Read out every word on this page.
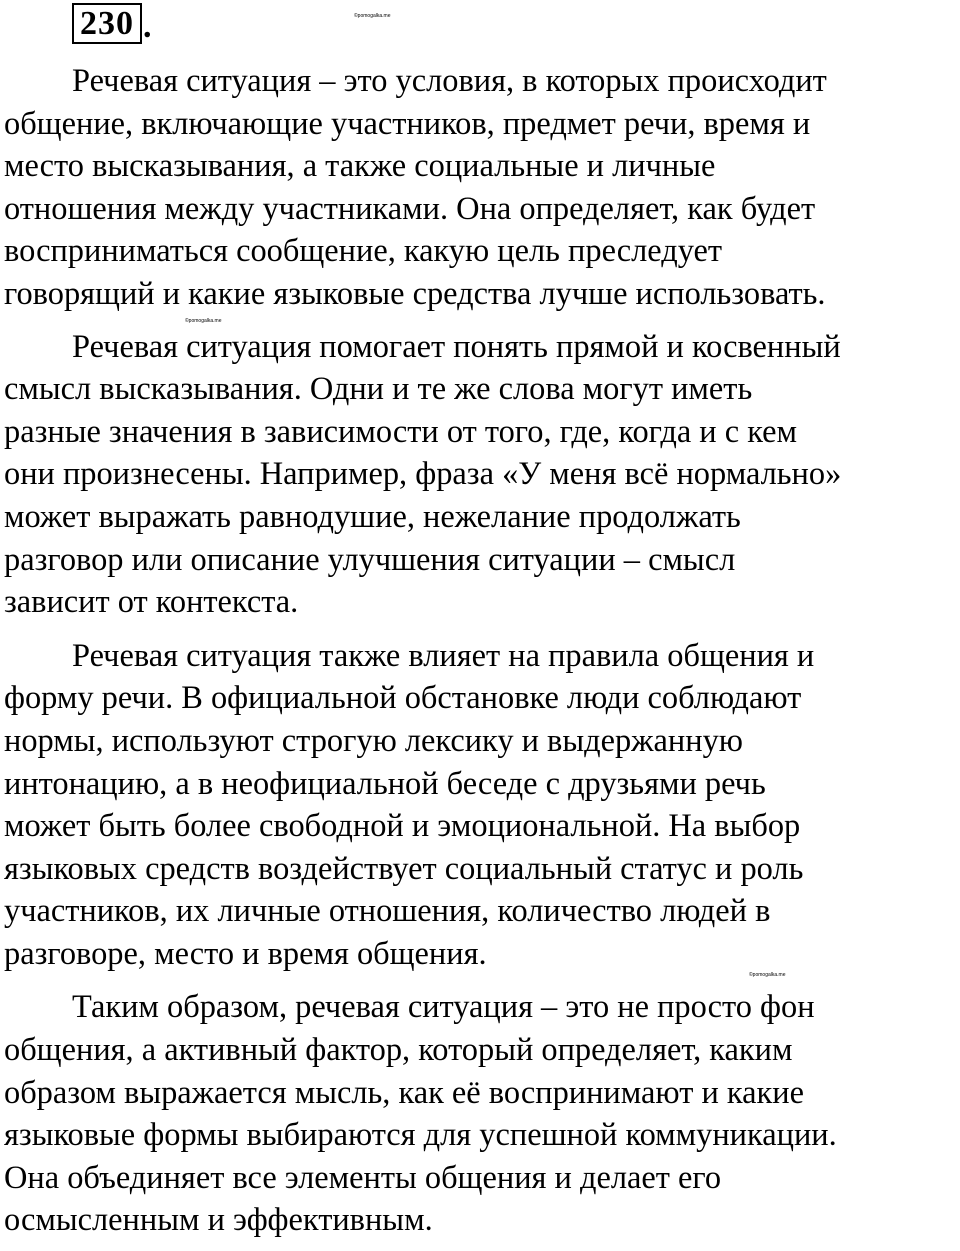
230 .	©pomogalka.me
©pomogalka.me
©pomogalka.me

Речевая ситуация – это условия, в которых происходит
общение, включающие участников, предмет речи, время и
место высказывания, а также социальные и личные
отношения между участниками. Она определяет, как будет
восприниматься сообщение, какую цель преследует
говорящий и какие языковые средства лучше использовать.

Речевая ситуация помогает понять прямой и косвенный
смысл высказывания. Одни и те же слова могут иметь
разные значения в зависимости от того, где, когда и с кем
они произнесены. Например, фраза «У меня всё нормально»
может выражать равнодушие, нежелание продолжать
разговор или описание улучшения ситуации – смысл
зависит от контекста.

Речевая ситуация также влияет на правила общения и
форму речи. В официальной обстановке люди соблюдают
нормы, используют строгую лексику и выдержанную
интонацию, а в неофициальной беседе с друзьями речь
может быть более свободной и эмоциональной. На выбор
языковых средств воздействует социальный статус и роль
участников, их личные отношения, количество людей в
разговоре, место и время общения.

Таким образом, речевая ситуация – это не просто фон
общения, а активный фактор, который определяет, каким
образом выражается мысль, как её воспринимают и какие
языковые формы выбираются для успешной коммуникации.
Она объединяет все элементы общения и делает его
осмысленным и эффективным.
